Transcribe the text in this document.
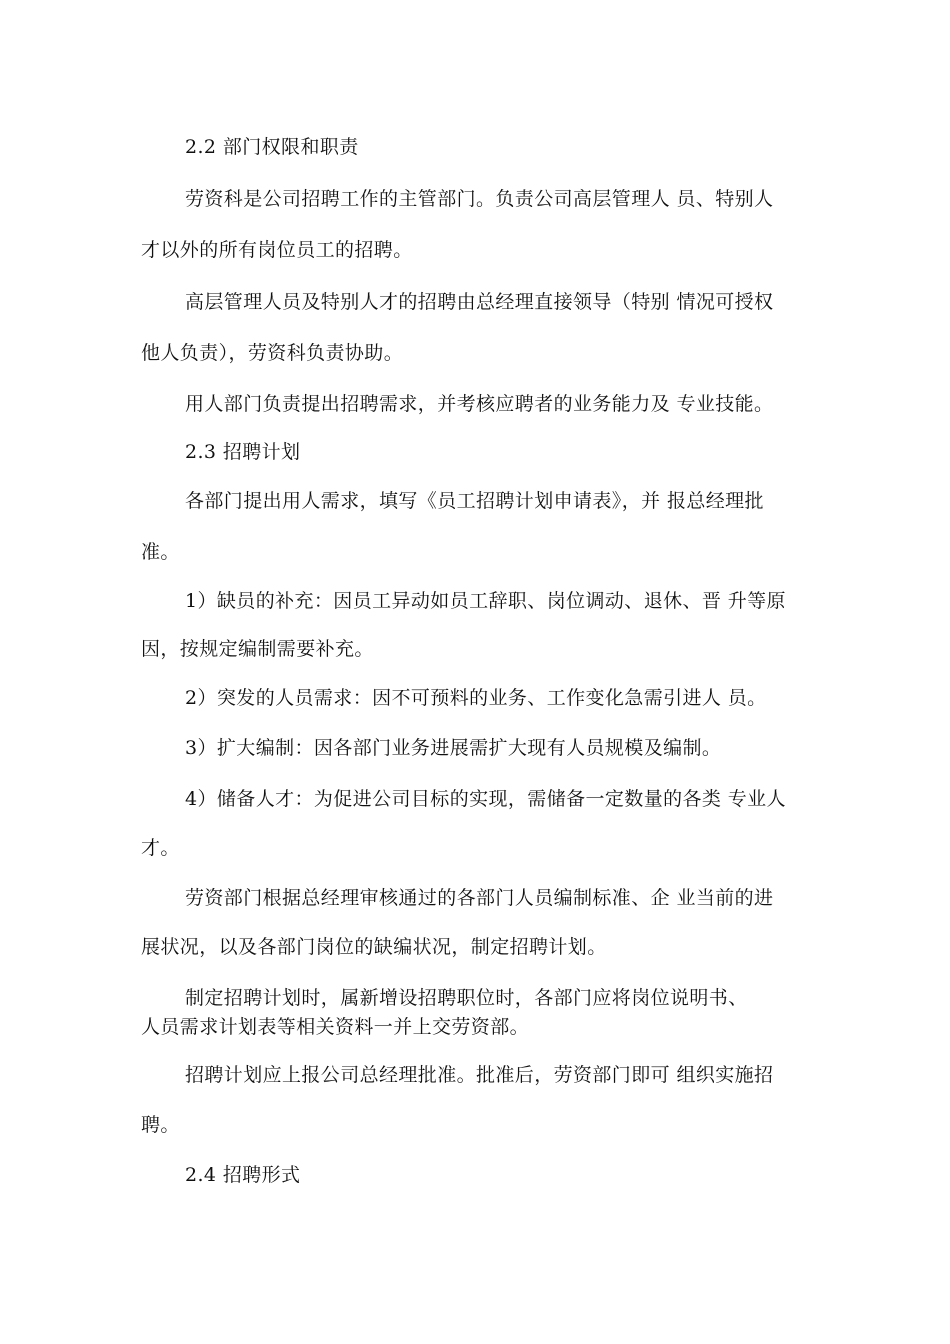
2.2 部门权限和职责
劳资科是公司招聘工作的主管部门。负责公司高层管理人 员、特别人
才以外的所有岗位员工的招聘。
高层管理人员及特别人才的招聘由总经理直接领导（特别 情况可授权
他人负责），劳资科负责协助。
用人部门负责提出招聘需求，并考核应聘者的业务能力及 专业技能。
2.3 招聘计划
各部门提出用人需求，填写《员工招聘计划申请表》，并 报总经理批
准。
1）缺员的补充：因员工异动如员工辞职、岗位调动、退休、晋 升等原
因，按规定编制需要补充。
2）突发的人员需求：因不可预料的业务、工作变化急需引进人 员。
3）扩大编制：因各部门业务进展需扩大现有人员规模及编制。
4）储备人才：为促进公司目标的实现，需储备一定数量的各类 专业人
才。
劳资部门根据总经理审核通过的各部门人员编制标准、企 业当前的进
展状况，以及各部门岗位的缺编状况，制定招聘计划。
制定招聘计划时，属新增设招聘职位时，各部门应将岗位说明书、
人员需求计划表等相关资料一并上交劳资部。
招聘计划应上报公司总经理批准。批准后，劳资部门即可 组织实施招
聘。
2.4 招聘形式
